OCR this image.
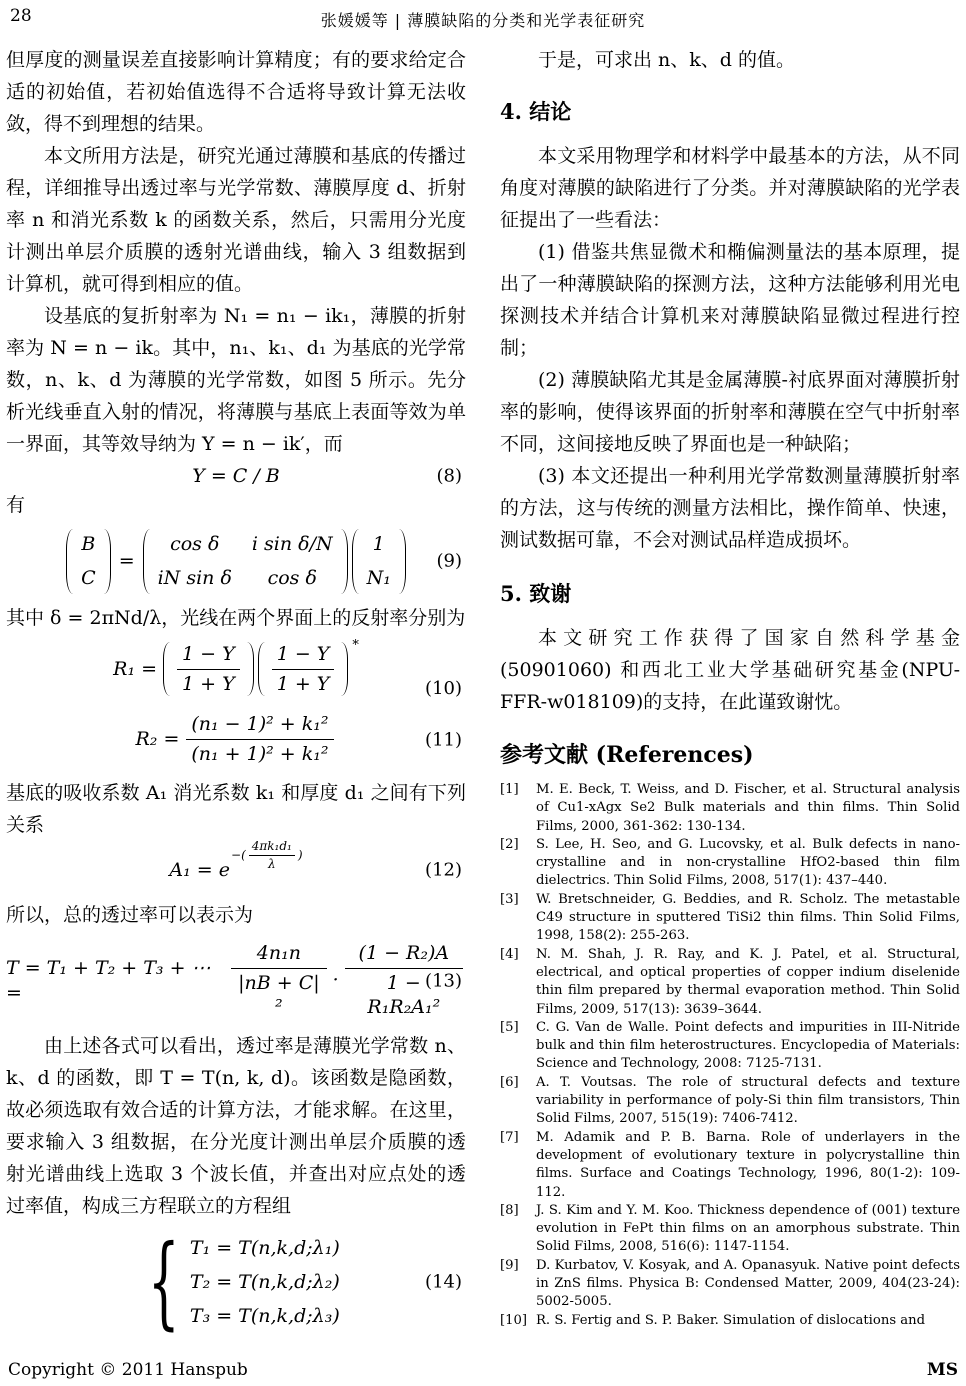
28	张媛媛等 | 薄膜缺陷的分类和光学表征研究

但厚度的测量误差直接影响计算精度；有的要求给定合适的初始值，若初始值选得不合适将导致计算无法收敛，得不到理想的结果。

本文所用方法是，研究光通过薄膜和基底的传播过程，详细推导出透过率与光学常数、薄膜厚度 d、折射率 n 和消光系数 k 的函数关系，然后，只需用分光度计测出单层介质膜的透射光谱曲线，输入 3 组数据到计算机，就可得到相应的值。

设基底的复折射率为 N₁ = n₁ − ik₁，薄膜的折射率为 N = n − ik。其中，n₁、k₁、d₁ 为基底的光学常数，n、k、d 为薄膜的光学常数，如图 5 所示。先分析光线垂直入射的情况，将薄膜与基底上表面等效为单一界面，其等效导纳为 Y = n − ik′，而

Y = C / B	(8)

有

B
C
=
cos δ	i sin δ/N
iN sin δ	cos δ
1
N₁
(9)

其中 δ = 2πNd/λ，光线在两个界面上的反射率分别为

$R_1 = \frac{1 - Y}{1 + Y} \frac{1 - Y}{1 + Y}$ *
(10)
$R_2 = \frac{\text{(n₁ − 1)² + k₁²}}{\text{(n₁ + 1)² + k₁²}}$	(11)

基底的吸收系数 A₁ 消光系数 k₁ 和厚度 d₁ 之间有下列关系

A₁ = e
−( $\frac{\text{4πk₁d₁}}{\lambda}$ )
(12)

所以，总的透过率可以表示为

T = T₁ + T₂ + T₃ + ⋯ =	$\frac{\text{4n₁n}}{\text{|nB + C|²}} \cdot \frac{\text{(1 − R₂)A}}{\text{1 − R₁R₂A₁²}}$
(13)

由上述各式可以看出，透过率是薄膜光学常数 n、k、d 的函数，即 T = T(n, k, d)。该函数是隐函数，故必须选取有效合适的计算方法，才能求解。在这里，要求输入 3 组数据，在分光度计测出单层介质膜的透射光谱曲线上选取 3 个波长值，并查出对应点处的透过率值，构成三方程联立的方程组

{ T₁ = T(n,k,d;λ₁)
T₂ = T(n,k,d;λ₂)
T₃ = T(n,k,d;λ₃)
(14)

于是，可求出 n、k、d 的值。

4. 结论

本文采用物理学和材料学中最基本的方法，从不同角度对薄膜的缺陷进行了分类。并对薄膜缺陷的光学表征提出了一些看法：

(1) 借鉴共焦显微术和椭偏测量法的基本原理，提出了一种薄膜缺陷的探测方法，这种方法能够利用光电探测技术并结合计算机来对薄膜缺陷显微过程进行控制；

(2) 薄膜缺陷尤其是金属薄膜-衬底界面对薄膜折射率的影响，使得该界面的折射率和薄膜在空气中折射率不同，这间接地反映了界面也是一种缺陷；

(3) 本文还提出一种利用光学常数测量薄膜折射率的方法，这与传统的测量方法相比，操作简单、快速，测试数据可靠，不会对测试品样造成损坏。

5. 致谢

本文研究工作获得了国家自然科学基金(50901060) 和西北工业大学基础研究基金(NPU-FFR-w018109)的支持，在此谨致谢忱。

参考文献 (References)
[1]	M. E. Beck, T. Weiss, and D. Fischer, et al. Structural analysis of Cu1-xAgx Se2 Bulk materials and thin films. Thin Solid Films, 2000, 361-362: 130-134.
[2]	S. Lee, H. Seo, and G. Lucovsky, et al. Bulk defects in nano-crystalline and in non-crystalline HfO2-based thin film dielectrics. Thin Solid Films, 2008, 517(1): 437–440.
[3]	W. Bretschneider, G. Beddies, and R. Scholz. The metastable C49 structure in sputtered TiSi2 thin films. Thin Solid Films, 1998, 158(2): 255-263.
[4]	N. M. Shah, J. R. Ray, and K. J. Patel, et al. Structural, electrical, and optical properties of copper indium diselenide thin film prepared by thermal evaporation method. Thin Solid Films, 2009, 517(13): 3639–3644.
[5]	C. G. Van de Walle. Point defects and impurities in III-Nitride bulk and thin film heterostructures. Encyclopedia of Materials: Science and Technology, 2008: 7125-7131.
[6]	A. T. Voutsas. The role of structural defects and texture variability in performance of poly-Si thin film transistors, Thin Solid Films, 2007, 515(19): 7406-7412.
[7]	M. Adamik and P. B. Barna. Role of underlayers in the development of evolutionary texture in polycrystalline thin films. Surface and Coatings Technology, 1996, 80(1-2): 109-112.
[8]	J. S. Kim and Y. M. Koo. Thickness dependence of (001) texture evolution in FePt thin films on an amorphous substrate. Thin Solid Films, 2008, 516(6): 1147-1154.
[9]	D. Kurbatov, V. Kosyak, and A. Opanasyuk. Native point defects in ZnS films. Physica B: Condensed Matter, 2009, 404(23-24): 5002-5005.
[10] R. S. Fertig and S. P. Baker. Simulation of dislocations and
Copyright © 2011 Hanspub	MS
